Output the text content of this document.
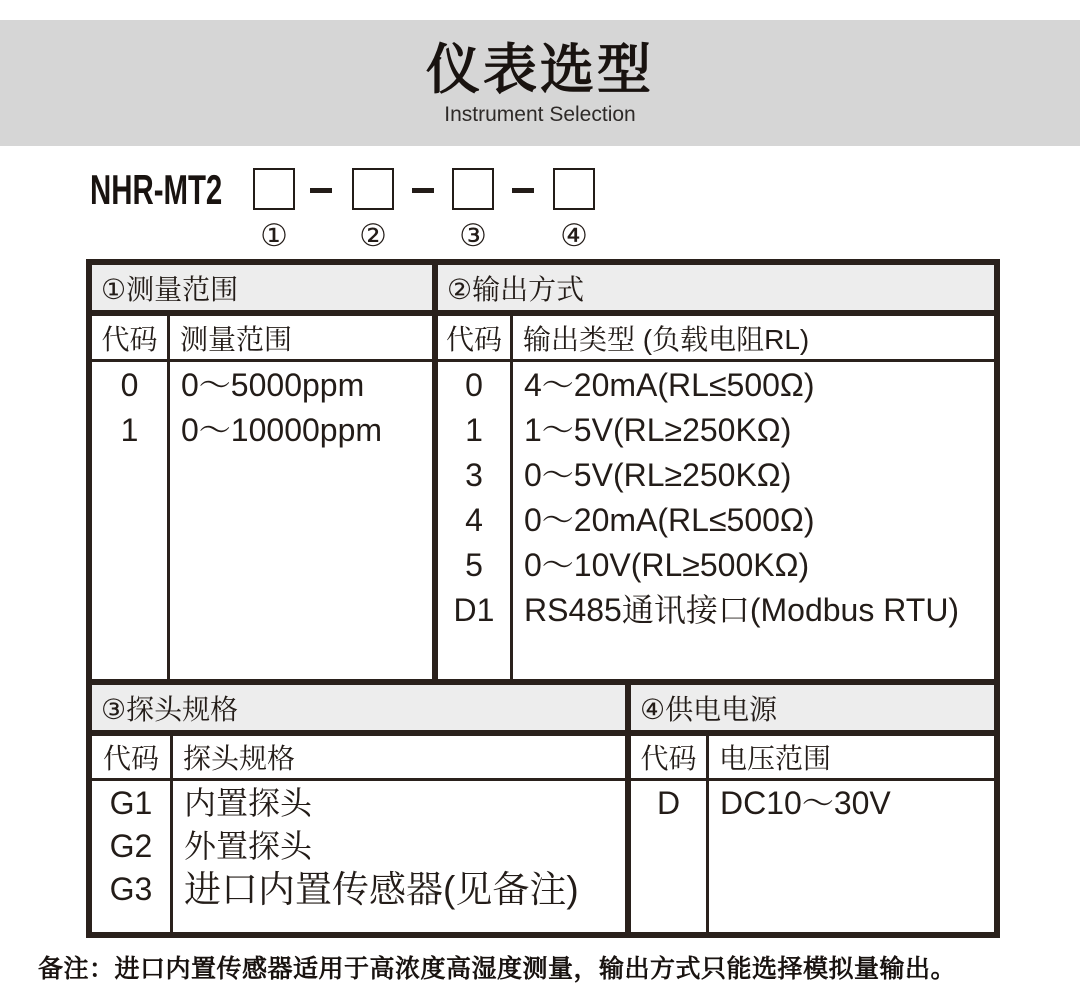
仪表选型
Instrument Selection
NHR-MT2
① ② ③ ④
①测量范围
代码 测量范围
0
1
0～5000ppm
0～10000ppm
②输出方式
代码 输出类型 (负载电阻RL)
0
1
3
4
5
D1
4～20mA(RL≤500Ω)
1～5V(RL≥250KΩ)
0～5V(RL≥250KΩ)
0～20mA(RL≤500Ω)
0～10V(RL≥500KΩ)
RS485通讯接口(Modbus RTU)
③探头规格
代码 探头规格
G1
G2
G3
内置探头
外置探头
进口内置传感器(见备注)
④供电电源
代码 电压范围
D	DC10～30V
备注：进口内置传感器适用于高浓度高湿度测量，输出方式只能选择模拟量输出。
